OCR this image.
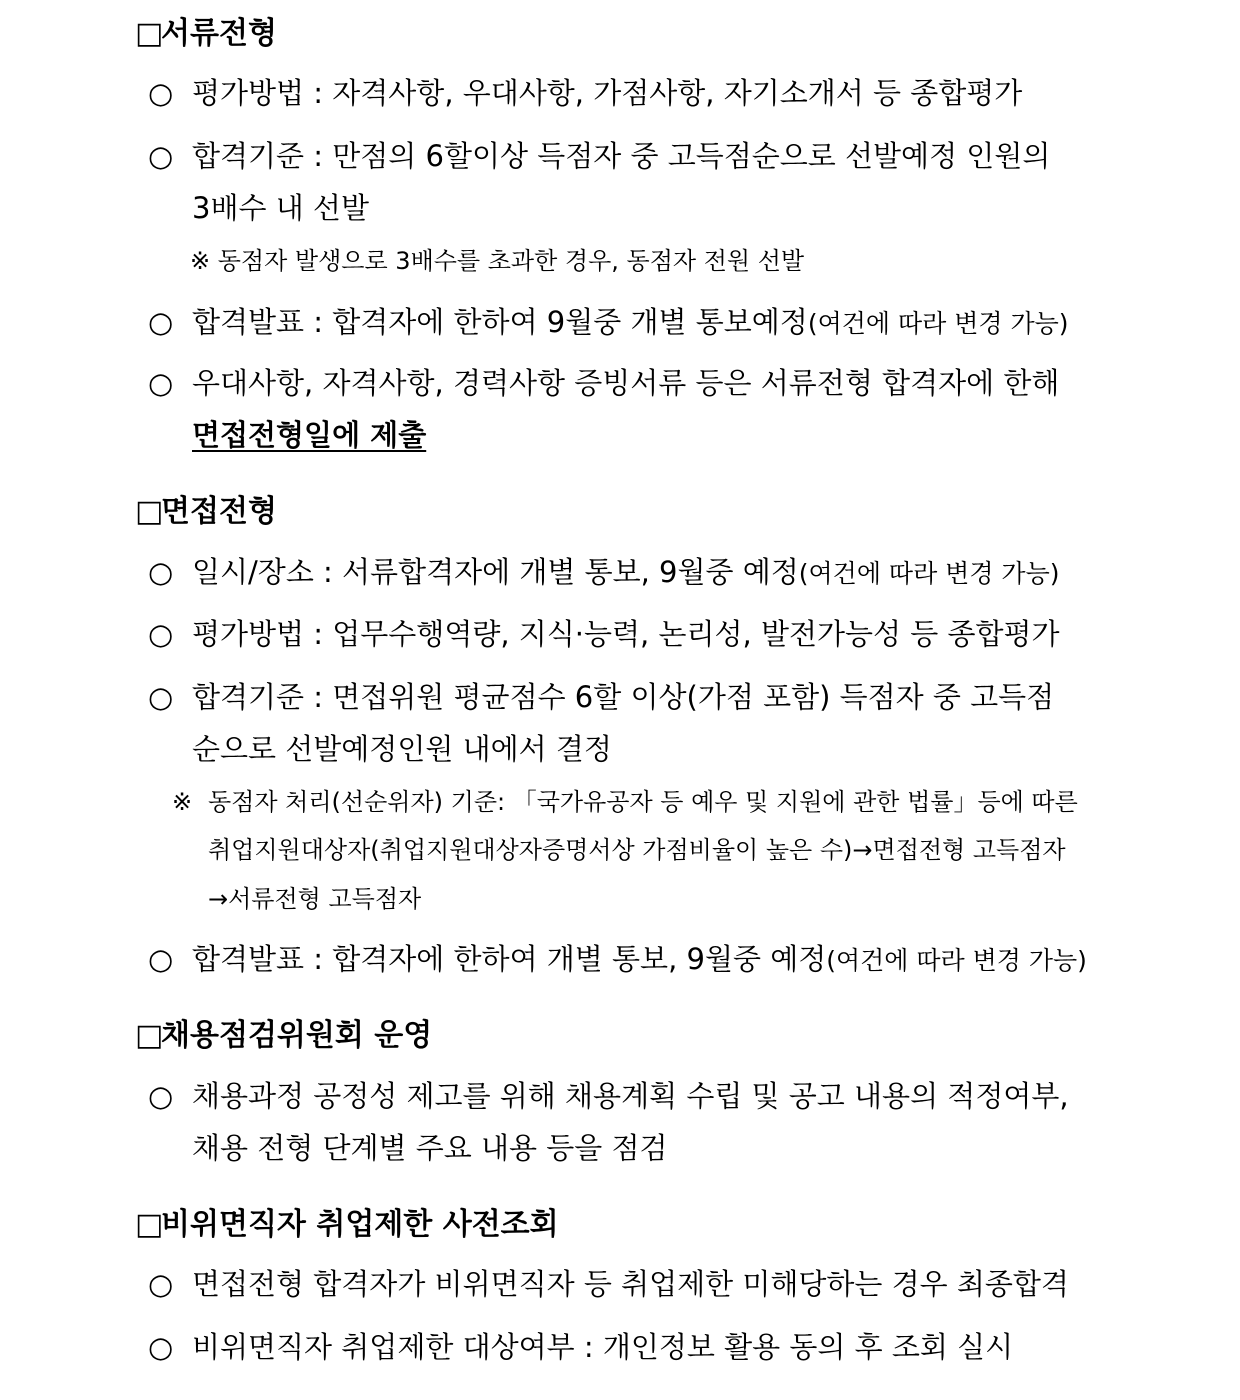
□서류전형
○ 평가방법 : 자격사항, 우대사항, 가점사항, 자기소개서 등 종합평가
○ 합격기준 : 만점의 6할이상 득점자 중 고득점순으로 선발예정 인원의
3배수 내 선발
※ 동점자 발생으로 3배수를 초과한 경우, 동점자 전원 선발
○ 합격발표 : 합격자에 한하여 9월중 개별 통보예정(여건에 따라 변경 가능)
○ 우대사항, 자격사항, 경력사항 증빙서류 등은 서류전형 합격자에 한해
면접전형일에 제출
□면접전형
○ 일시/장소 : 서류합격자에 개별 통보, 9월중 예정(여건에 따라 변경 가능)
○ 평가방법 : 업무수행역량, 지식·능력, 논리성, 발전가능성 등 종합평가
○ 합격기준 : 면접위원 평균점수 6할 이상(가점 포함) 득점자 중 고득점
순으로 선발예정인원 내에서 결정
※ 동점자 처리(선순위자) 기준: 「국가유공자 등 예우 및 지원에 관한 법률」등에 따른
취업지원대상자(취업지원대상자증명서상 가점비율이 높은 수)→면접전형 고득점자
→서류전형 고득점자
○ 합격발표 : 합격자에 한하여 개별 통보, 9월중 예정(여건에 따라 변경 가능)
□채용점검위원회 운영
○ 채용과정 공정성 제고를 위해 채용계획 수립 및 공고 내용의 적정여부,
채용 전형 단계별 주요 내용 등을 점검
□비위면직자 취업제한 사전조회
○ 면접전형 합격자가 비위면직자 등 취업제한 미해당하는 경우 최종합격
○ 비위면직자 취업제한 대상여부 : 개인정보 활용 동의 후 조회 실시
